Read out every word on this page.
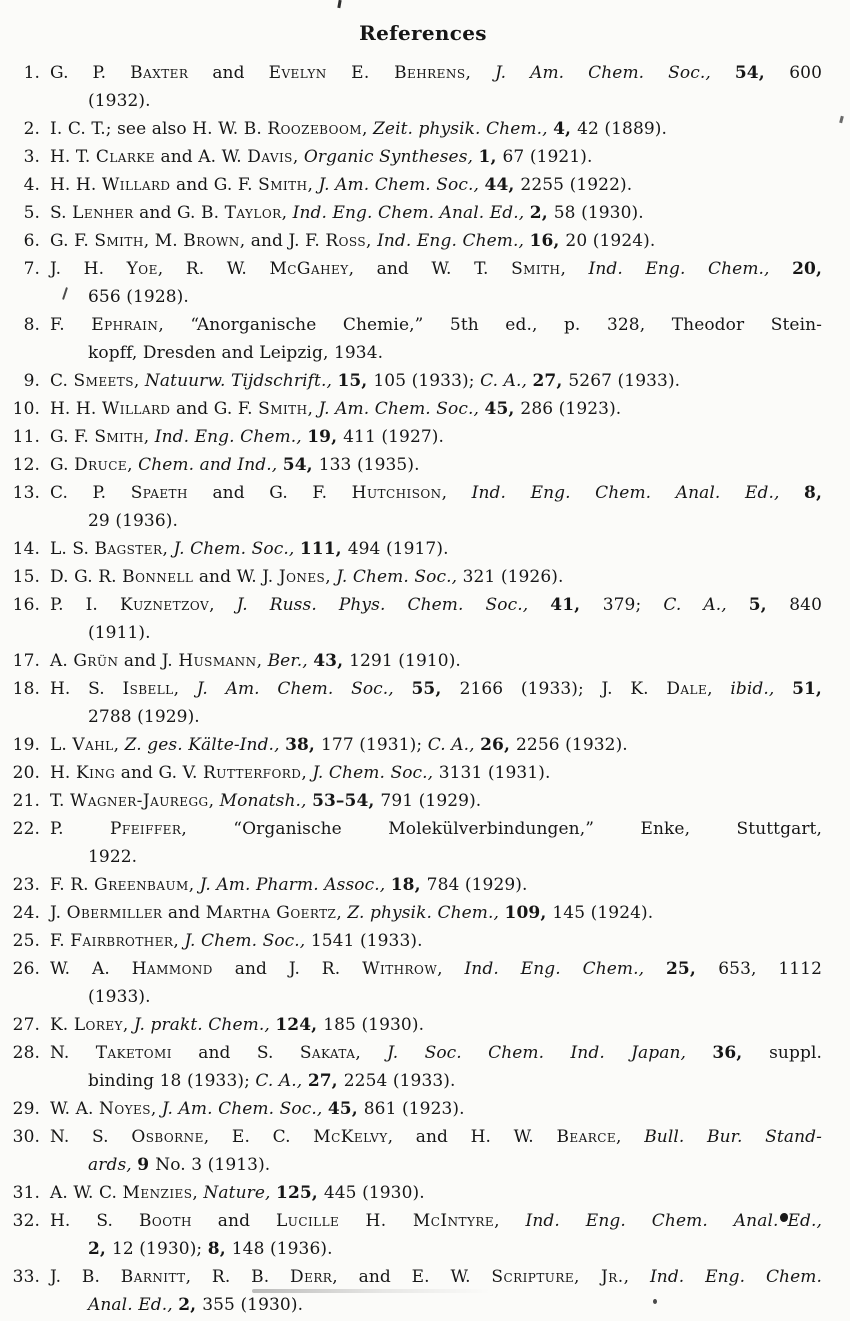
References
1. G. P. Baxter and Evelyn E. Behrens, J. Am. Chem. Soc., 54, 600
(1932).
2. I. C. T.; see also H. W. B. Roozeboom, Zeit. physik. Chem., 4, 42 (1889).
3. H. T. Clarke and A. W. Davis, Organic Syntheses, 1, 67 (1921).
4. H. H. Willard and G. F. Smith, J. Am. Chem. Soc., 44, 2255 (1922).
5. S. Lenher and G. B. Taylor, Ind. Eng. Chem. Anal. Ed., 2, 58 (1930).
6. G. F. Smith, M. Brown, and J. F. Ross, Ind. Eng. Chem., 16, 20 (1924).
7. J. H. Yoe, R. W. McGahey, and W. T. Smith, Ind. Eng. Chem., 20,
656 (1928).
8. F. Ephrain, “Anorganische Chemie,” 5th ed., p. 328, Theodor Stein-
kopff, Dresden and Leipzig, 1934.
9. C. Smeets, Natuurw. Tijdschrift., 15, 105 (1933); C. A., 27, 5267 (1933).
10. H. H. Willard and G. F. Smith, J. Am. Chem. Soc., 45, 286 (1923).
11. G. F. Smith, Ind. Eng. Chem., 19, 411 (1927).
12. G. Druce, Chem. and Ind., 54, 133 (1935).
13. C. P. Spaeth and G. F. Hutchison, Ind. Eng. Chem. Anal. Ed., 8,
29 (1936).
14. L. S. Bagster, J. Chem. Soc., 111, 494 (1917).
15. D. G. R. Bonnell and W. J. Jones, J. Chem. Soc., 321 (1926).
16. P. I. Kuznetzov, J. Russ. Phys. Chem. Soc., 41, 379; C. A., 5, 840
(1911).
17. A. Grün and J. Husmann, Ber., 43, 1291 (1910).
18. H. S. Isbell, J. Am. Chem. Soc., 55, 2166 (1933); J. K. Dale, ibid., 51,
2788 (1929).
19. L. Vahl, Z. ges. Kälte-Ind., 38, 177 (1931); C. A., 26, 2256 (1932).
20. H. King and G. V. Rutterford, J. Chem. Soc., 3131 (1931).
21. T. Wagner-Jauregg, Monatsh., 53–54, 791 (1929).
22. P. Pfeiffer, “Organische Molekülverbindungen,” Enke, Stuttgart,
1922.
23. F. R. Greenbaum, J. Am. Pharm. Assoc., 18, 784 (1929).
24. J. Obermiller and Martha Goertz, Z. physik. Chem., 109, 145 (1924).
25. F. Fairbrother, J. Chem. Soc., 1541 (1933).
26. W. A. Hammond and J. R. Withrow, Ind. Eng. Chem., 25, 653, 1112
(1933).
27. K. Lorey, J. prakt. Chem., 124, 185 (1930).
28. N. Taketomi and S. Sakata, J. Soc. Chem. Ind. Japan, 36, suppl.
binding 18 (1933); C. A., 27, 2254 (1933).
29. W. A. Noyes, J. Am. Chem. Soc., 45, 861 (1923).
30. N. S. Osborne, E. C. McKelvy, and H. W. Bearce, Bull. Bur. Stand-
ards, 9 No. 3 (1913).
31. A. W. C. Menzies, Nature, 125, 445 (1930).
32. H. S. Booth and Lucille H. McIntyre, Ind. Eng. Chem. Anal. Ed.,
2, 12 (1930); 8, 148 (1936).
33. J. B. Barnitt, R. B. Derr, and E. W. Scripture, Jr., Ind. Eng. Chem.
Anal. Ed., 2, 355 (1930).
